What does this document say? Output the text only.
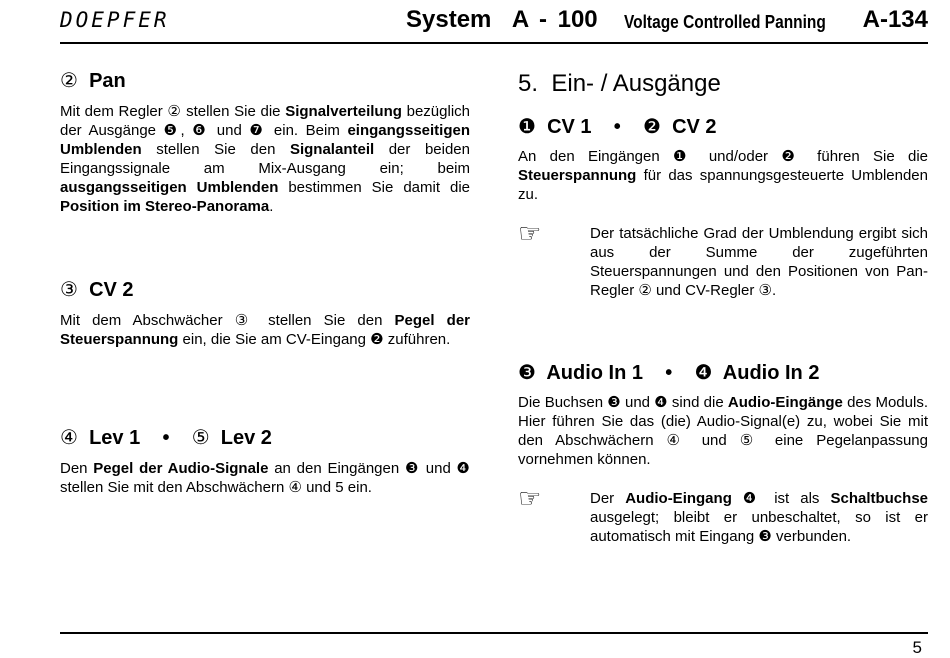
DOEPFER	System  A - 100 Voltage Controlled Panning A-134
② Pan

Mit dem Regler ② stellen Sie die Signalverteilung bezüglich der Ausgänge ❺, ❻ und ❼ ein. Beim eingangsseitigen Umblenden stellen Sie den Signalanteil der beiden Eingangssignale am Mix-Ausgang ein; beim ausgangsseitigen Umblenden bestimmen Sie damit die Position im Stereo-Panorama.

③ CV 2

Mit dem Abschwächer ③ stellen Sie den Pegel der Steuerspannung ein, die Sie am CV-Eingang ❷ zuführen.

④ Lev 1 • ⑤ Lev 2

Den Pegel der Audio-Signale an den Eingängen ❸ und ❹ stellen Sie mit den Abschwächern ④ und 5 ein.

5.  Ein- / Ausgänge
❶ CV 1 • ❷ CV 2

An den Eingängen ❶ und/oder ❷ führen Sie die Steuerspannung für das spannungsgesteuerte Umblenden zu.

☞	Der tatsächliche Grad der Umblendung ergibt sich aus der Summe der zugeführten Steuerspannungen und den Positionen von Pan-Regler ② und CV-Regler ③.

❸ Audio In 1 • ❹ Audio In 2

Die Buchsen ❸ und ❹ sind die Audio-Eingänge des Moduls. Hier führen Sie das (die) Audio-Signal(e) zu, wobei Sie mit den Abschwächern ④ und ⑤ eine Pegelanpassung vornehmen können.

☞	Der Audio-Eingang ❹ ist als Schaltbuchse ausgelegt; bleibt er unbeschaltet, so ist er automatisch mit Eingang ❸ verbunden.

5
